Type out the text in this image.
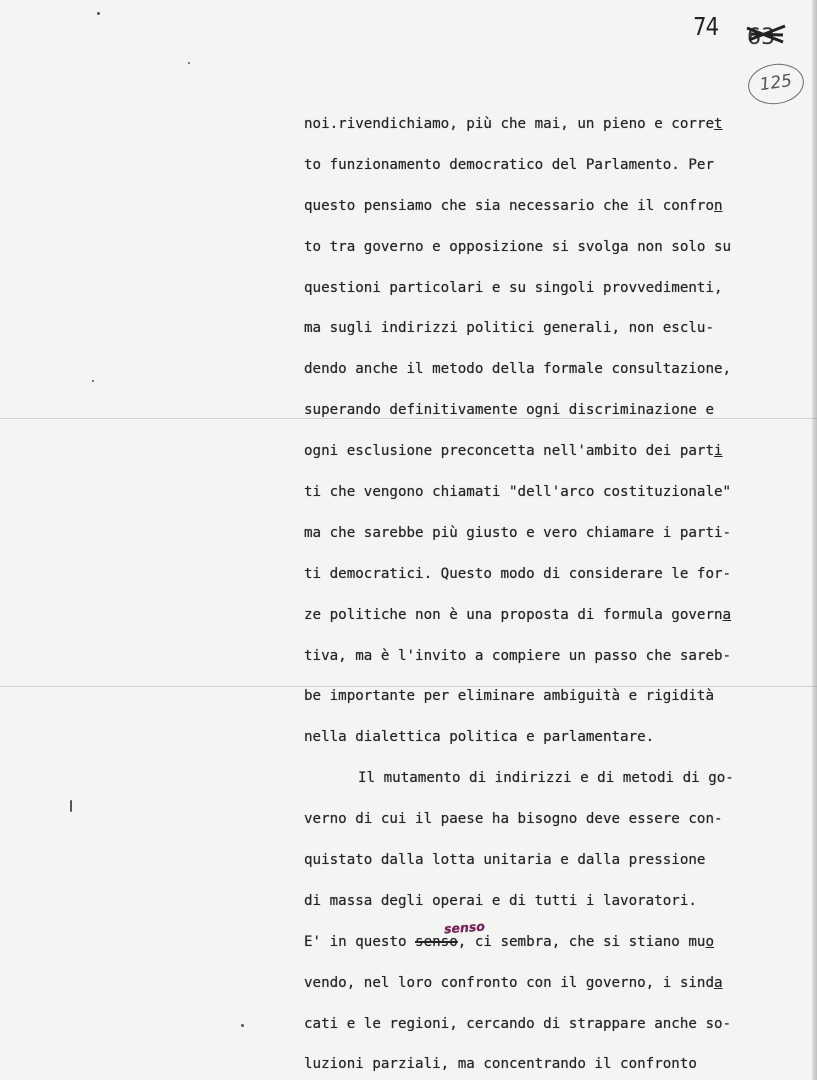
74 63
125
noi.rivendichiamo, più che mai, un pieno e corret
to funzionamento democratico del Parlamento. Per
questo pensiamo che sia necessario che il confron
to tra governo e opposizione si svolga non solo su
questioni particolari e su singoli provvedimenti,
ma sugli indirizzi politici generali, non esclu-
dendo anche il metodo della formale consultazione,
superando definitivamente ogni discriminazione e
ogni esclusione preconcetta nell'ambito dei parti
ti che vengono chiamati "dell'arco costituzionale"
ma che sarebbe più giusto e vero chiamare i parti-
ti democratici. Questo modo di considerare le for-
ze politiche non è una proposta di formula governa
tiva, ma è l'invito a compiere un passo che sareb-
be importante per eliminare ambiguità e rigidità
nella dialettica politica e parlamentare.
Il mutamento di indirizzi e di metodi di go-
verno di cui il paese ha bisogno deve essere con-
quistato dalla lotta unitaria e dalla pressione
di massa degli operai e di tutti i lavoratori.
E' in questo senso
senso
, ci sembra, che si stiano muo
vendo, nel loro confronto con il governo, i sinda
cati e le regioni, cercando di strappare anche so-
luzioni parziali, ma concentrando il confronto
